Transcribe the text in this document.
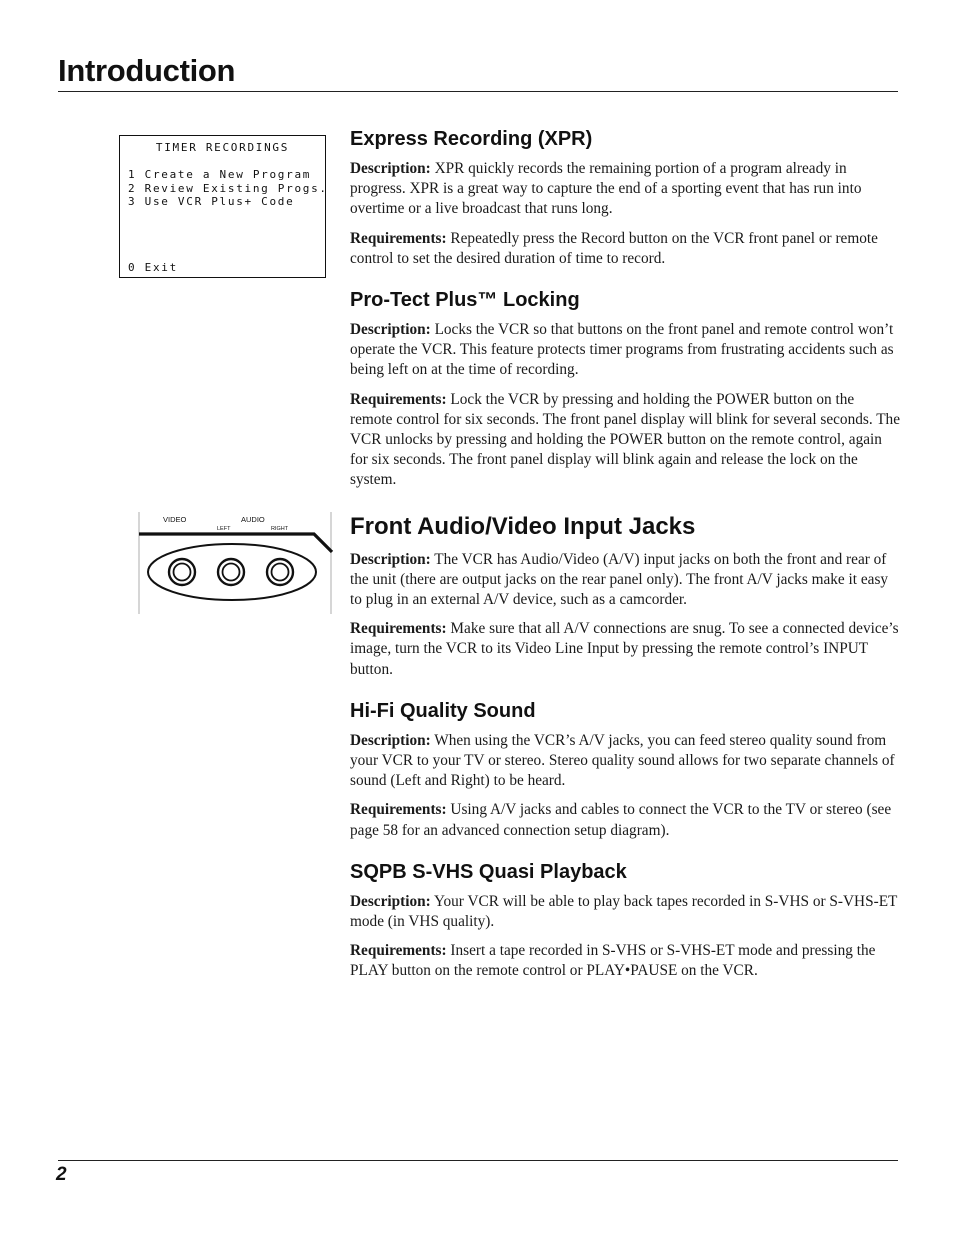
Introduction
TIMER RECORDINGS
1 Create a New Program
2 Review Existing Progs.
3 Use VCR Plus+ Code
0 Exit
VIDEO	AUDIO
LEFT	RIGHT
Express Recording (XPR)

Description: XPR quickly records the remaining portion of a program already in progress. XPR is a great way to capture the end of a sporting event that has run into overtime or a live broadcast that runs long.

Requirements: Repeatedly press the Record button on the VCR front panel or remote control to set the desired duration of time to record.

Pro-Tect Plus™ Locking

Description: Locks the VCR so that buttons on the front panel and remote control won’t operate the VCR. This feature protects timer programs from frustrating accidents such as being left on at the time of recording.

Requirements: Lock the VCR by pressing and holding the POWER button on the remote control for six seconds. The front panel display will blink for several seconds. The VCR unlocks by pressing and holding the POWER button on the remote control, again for six seconds. The front panel display will blink again and release the lock on the system.

Front Audio/Video Input Jacks

Description: The VCR has Audio/Video (A/V) input jacks on both the front and rear of the unit (there are output jacks on the rear panel only). The front A/V jacks make it easy to plug in an external A/V device, such as a camcorder.

Requirements: Make sure that all A/V connections are snug. To see a connected device’s image, turn the VCR to its Video Line Input by pressing the remote control’s INPUT button.

Hi-Fi Quality Sound

Description: When using the VCR’s A/V jacks, you can feed stereo quality sound from your VCR to your TV or stereo. Stereo quality sound allows for two separate channels of sound (Left and Right) to be heard.

Requirements: Using A/V jacks and cables to connect the VCR to the TV or stereo (see page 58 for an advanced connection setup diagram).

SQPB S-VHS Quasi Playback

Description: Your VCR will be able to play back tapes recorded in S-VHS or S-VHS-ET mode (in VHS quality).

Requirements: Insert a tape recorded in S-VHS or S-VHS-ET mode and pressing the PLAY button on the remote control or PLAY•PAUSE on the VCR.

2
